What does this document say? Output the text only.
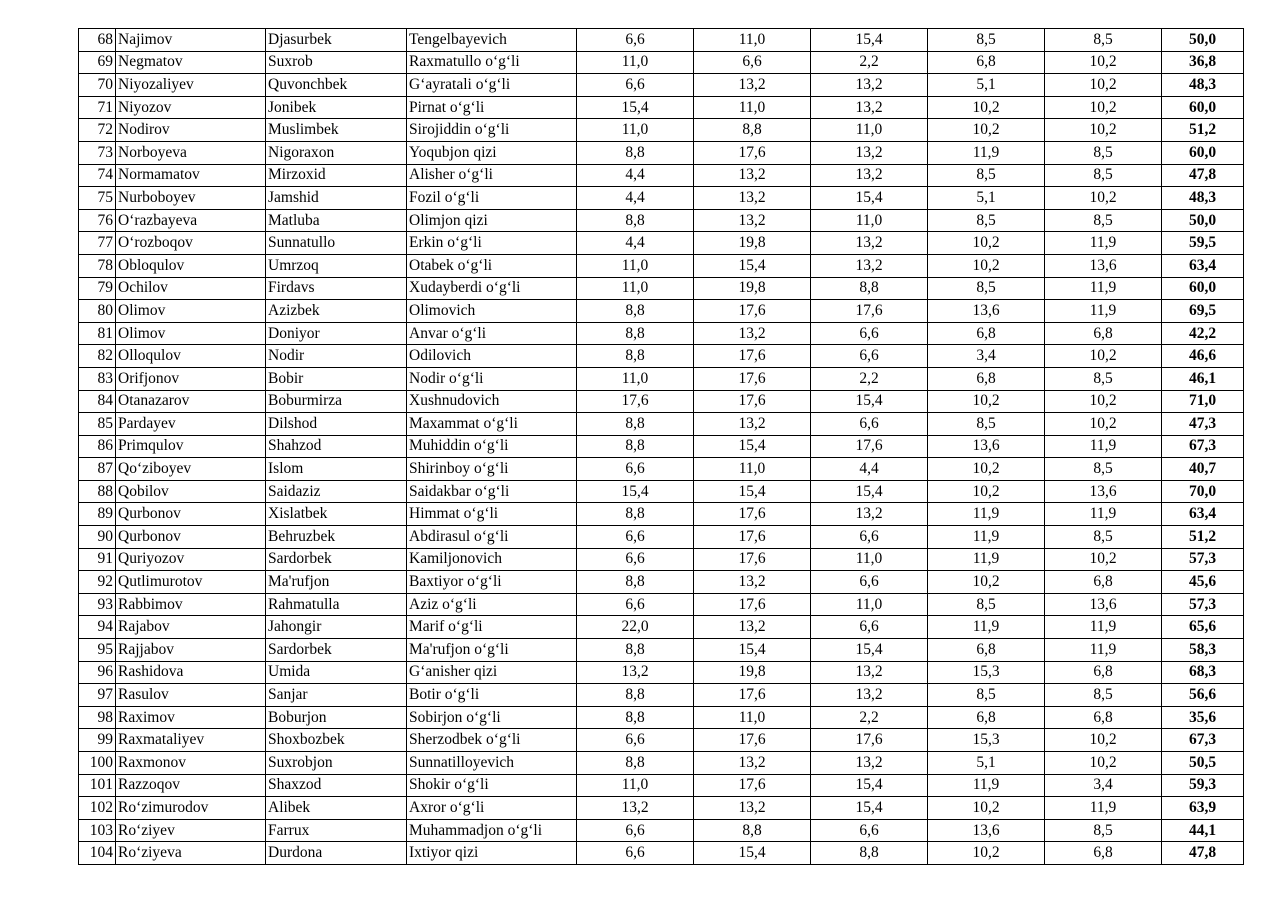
68	Najimov	Djasurbek	Tengelbayevich	6,6	11,0	15,4	8,5	8,5	50,0
69	Negmatov	Suxrob	Raxmatullo o‘g‘li	11,0	6,6	2,2	6,8	10,2	36,8
70	Niyozaliyev	Quvonchbek	G‘ayratali o‘g‘li	6,6	13,2	13,2	5,1	10,2	48,3
71	Niyozov	Jonibek	Pirnat o‘g‘li	15,4	11,0	13,2	10,2	10,2	60,0
72	Nodirov	Muslimbek	Sirojiddin o‘g‘li	11,0	8,8	11,0	10,2	10,2	51,2
73	Norboyeva	Nigoraxon	Yoqubjon qizi	8,8	17,6	13,2	11,9	8,5	60,0
74	Normamatov	Mirzoxid	Alisher o‘g‘li	4,4	13,2	13,2	8,5	8,5	47,8
75	Nurboboyev	Jamshid	Fozil o‘g‘li	4,4	13,2	15,4	5,1	10,2	48,3
76	O‘razbayeva	Matluba	Olimjon qizi	8,8	13,2	11,0	8,5	8,5	50,0
77	O‘rozboqov	Sunnatullo	Erkin o‘g‘li	4,4	19,8	13,2	10,2	11,9	59,5
78	Obloqulov	Umrzoq	Otabek o‘g‘li	11,0	15,4	13,2	10,2	13,6	63,4
79	Ochilov	Firdavs	Xudayberdi o‘g‘li	11,0	19,8	8,8	8,5	11,9	60,0
80	Olimov	Azizbek	Olimovich	8,8	17,6	17,6	13,6	11,9	69,5
81	Olimov	Doniyor	Anvar o‘g‘li	8,8	13,2	6,6	6,8	6,8	42,2
82	Olloqulov	Nodir	Odilovich	8,8	17,6	6,6	3,4	10,2	46,6
83	Orifjonov	Bobir	Nodir o‘g‘li	11,0	17,6	2,2	6,8	8,5	46,1
84	Otanazarov	Boburmirza	Xushnudovich	17,6	17,6	15,4	10,2	10,2	71,0
85	Pardayev	Dilshod	Maxammat o‘g‘li	8,8	13,2	6,6	8,5	10,2	47,3
86	Primqulov	Shahzod	Muhiddin o‘g‘li	8,8	15,4	17,6	13,6	11,9	67,3
87	Qo‘ziboyev	Islom	Shirinboy o‘g‘li	6,6	11,0	4,4	10,2	8,5	40,7
88	Qobilov	Saidaziz	Saidakbar o‘g‘li	15,4	15,4	15,4	10,2	13,6	70,0
89	Qurbonov	Xislatbek	Himmat o‘g‘li	8,8	17,6	13,2	11,9	11,9	63,4
90	Qurbonov	Behruzbek	Abdirasul o‘g‘li	6,6	17,6	6,6	11,9	8,5	51,2
91	Quriyozov	Sardorbek	Kamiljonovich	6,6	17,6	11,0	11,9	10,2	57,3
92	Qutlimurotov	Ma'rufjon	Baxtiyor o‘g‘li	8,8	13,2	6,6	10,2	6,8	45,6
93	Rabbimov	Rahmatulla	Aziz o‘g‘li	6,6	17,6	11,0	8,5	13,6	57,3
94	Rajabov	Jahongir	Marif o‘g‘li	22,0	13,2	6,6	11,9	11,9	65,6
95	Rajjabov	Sardorbek	Ma'rufjon o‘g‘li	8,8	15,4	15,4	6,8	11,9	58,3
96	Rashidova	Umida	G‘anisher qizi	13,2	19,8	13,2	15,3	6,8	68,3
97	Rasulov	Sanjar	Botir o‘g‘li	8,8	17,6	13,2	8,5	8,5	56,6
98	Raximov	Boburjon	Sobirjon o‘g‘li	8,8	11,0	2,2	6,8	6,8	35,6
99	Raxmataliyev	Shoxbozbek	Sherzodbek o‘g‘li	6,6	17,6	17,6	15,3	10,2	67,3
100	Raxmonov	Suxrobjon	Sunnatilloyevich	8,8	13,2	13,2	5,1	10,2	50,5
101	Razzoqov	Shaxzod	Shokir o‘g‘li	11,0	17,6	15,4	11,9	3,4	59,3
102	Ro‘zimurodov	Alibek	Axror o‘g‘li	13,2	13,2	15,4	10,2	11,9	63,9
103	Ro‘ziyev	Farrux	Muhammadjon o‘g‘li	6,6	8,8	6,6	13,6	8,5	44,1
104	Ro‘ziyeva	Durdona	Ixtiyor qizi	6,6	15,4	8,8	10,2	6,8	47,8
